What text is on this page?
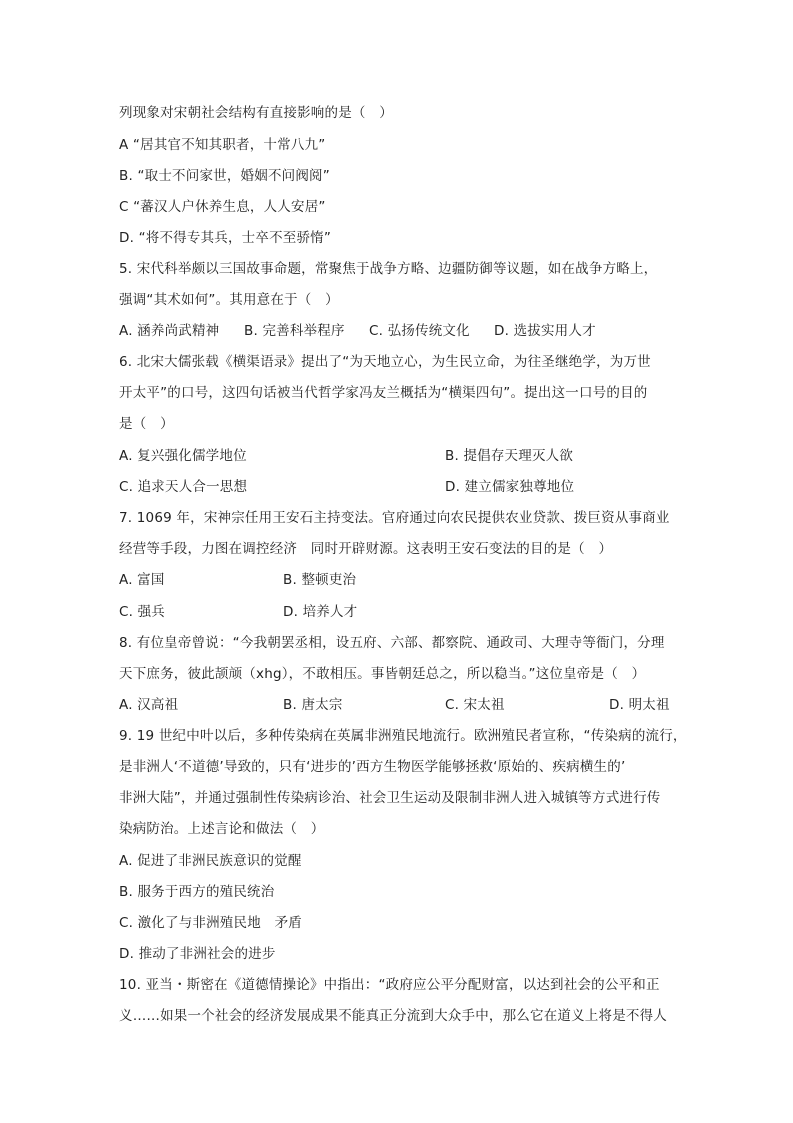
列现象对宋朝社会结构有直接影响的是（　）
A “居其官不知其职者，十常八九”
B. “取士不问家世，婚姻不问阀阅”
C “蕃汉人户休养生息，人人安居”
D. “将不得专其兵，士卒不至骄惰”
5. 宋代科举颇以三国故事命题，常聚焦于战争方略、边疆防御等议题，如在战争方略上，
强调“其术如何”。其用意在于（　）
A. 涵养尚武精神 B. 完善科举程序 C. 弘扬传统文化 D. 选拔实用人才
6. 北宋大儒张载《横渠语录》提出了“为天地立心，为生民立命，为往圣继绝学，为万世
开太平”的口号，这四句话被当代哲学家冯友兰概括为“横渠四句”。提出这一口号的目的
是（　）
A. 复兴强化儒学地位	B. 提倡存天理灭人欲
C. 追求天人合一思想	D. 建立儒家独尊地位
7. 1069 年，宋神宗任用王安石主持变法。官府通过向农民提供农业贷款、拨巨资从事商业
经营等手段，力图在调控经济　同时开辟财源。这表明王安石变法的目的是（　）
A. 富国	B. 整顿吏治
C. 强兵	D. 培养人才
8. 有位皇帝曾说：“今我朝罢丞相，设五府、六部、都察院、通政司、大理寺等衙门，分理
天下庶务，彼此颉颃（xhg），不敢相压。事皆朝廷总之，所以稳当。”这位皇帝是（　）
A. 汉高祖	B. 唐太宗	C. 宋太祖	D. 明太祖
9. 19 世纪中叶以后，多种传染病在英属非洲殖民地流行。欧洲殖民者宣称，“传染病的流行，
是非洲人‘不道德’导致的，只有‘进步的’西方生物医学能够拯救‘原始的、疾病横生的’
非洲大陆”，并通过强制性传染病诊治、社会卫生运动及限制非洲人进入城镇等方式进行传
染病防治。上述言论和做法（　）
A. 促进了非洲民族意识的觉醒
B. 服务于西方的殖民统治
C. 激化了与非洲殖民地　矛盾
D. 推动了非洲社会的进步
10. 亚当・斯密在《道德情操论》中指出：“政府应公平分配财富，以达到社会的公平和正
义……如果一个社会的经济发展成果不能真正分流到大众手中，那么它在道义上将是不得人
